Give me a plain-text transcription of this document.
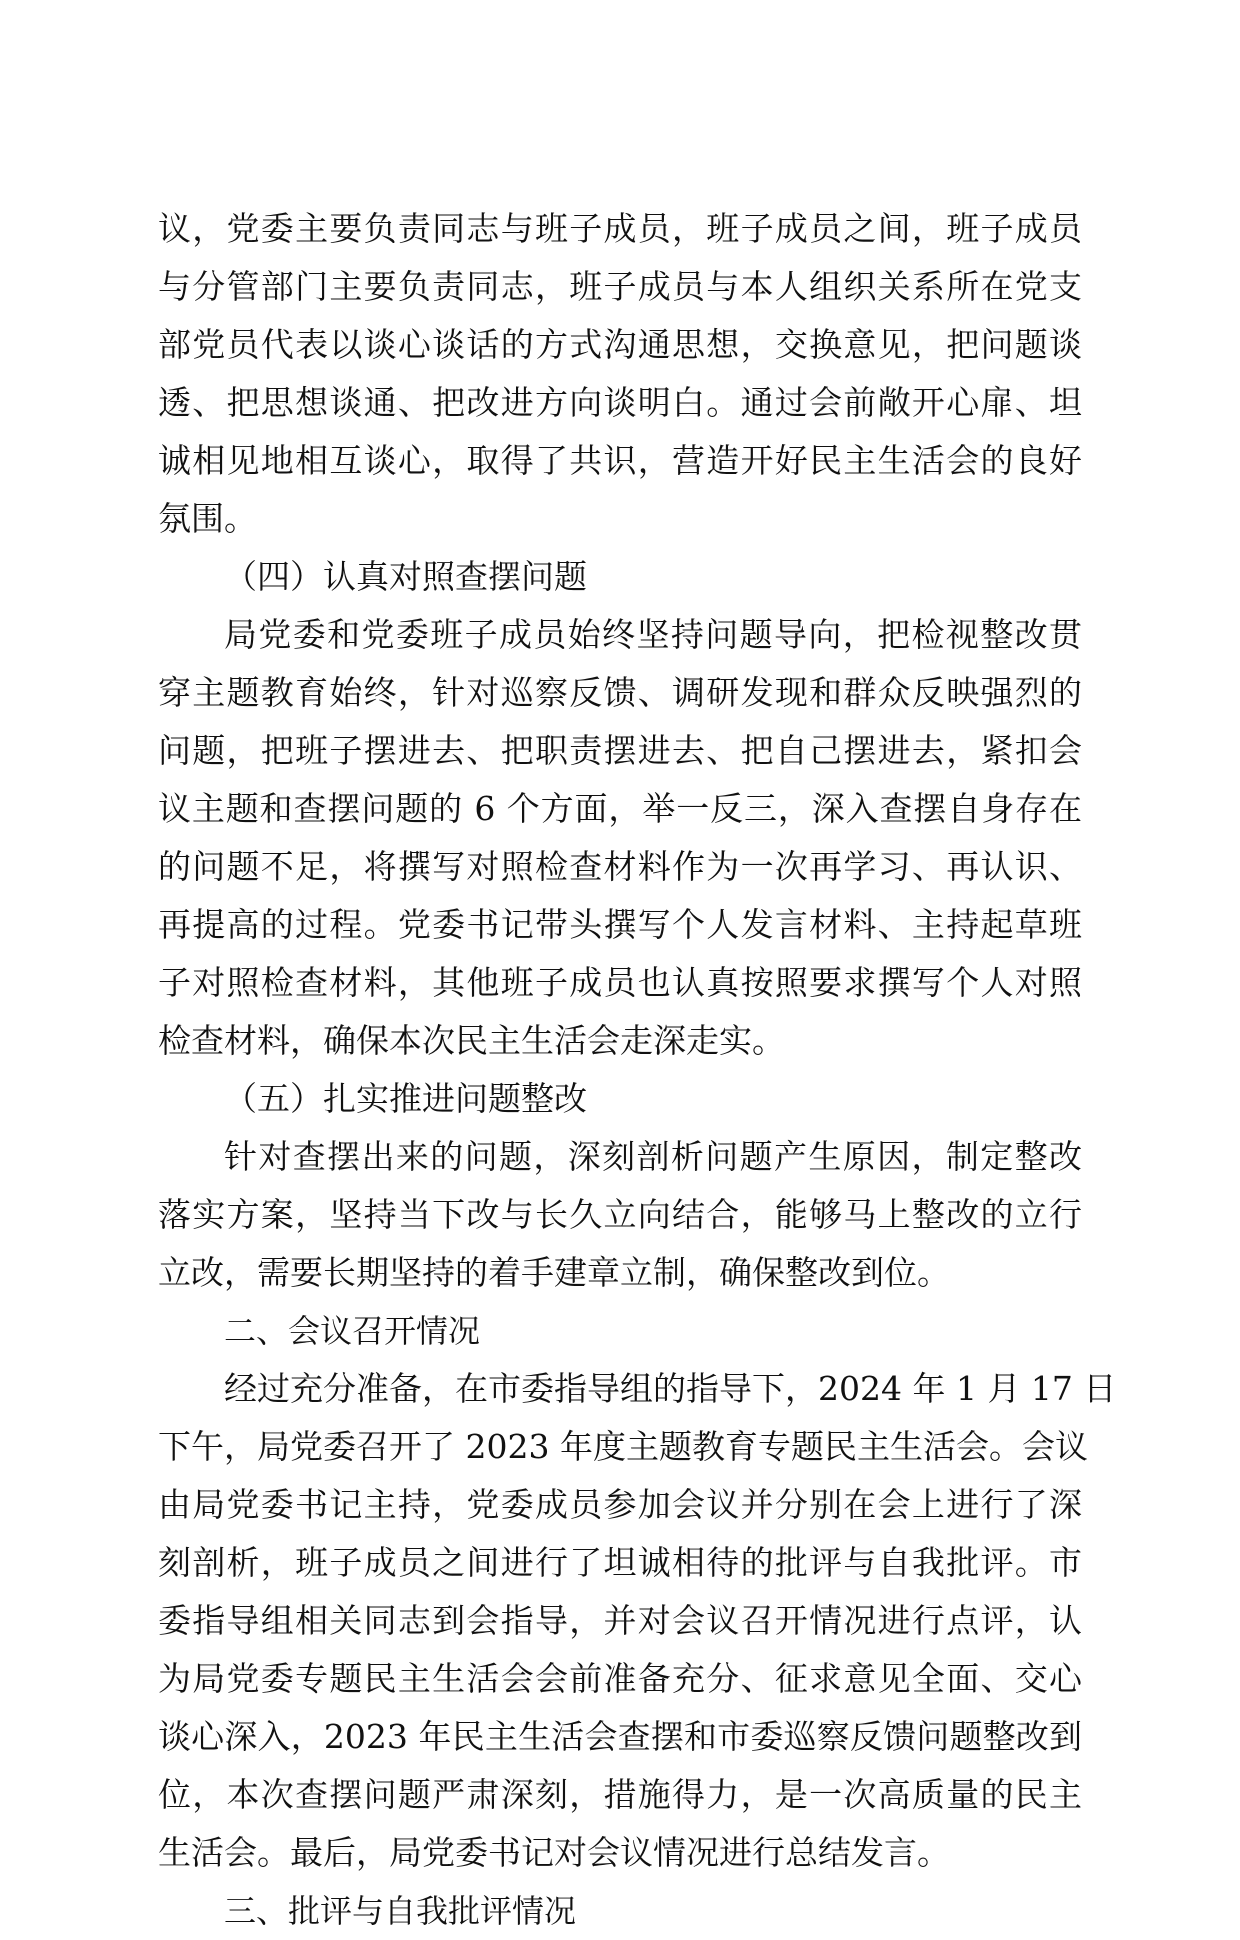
议，党委主要负责同志与班子成员，班子成员之间，班子成员
与分管部门主要负责同志，班子成员与本人组织关系所在党支
部党员代表以谈心谈话的方式沟通思想，交换意见，把问题谈
透、把思想谈通、把改进方向谈明白。通过会前敞开心扉、坦
诚相见地相互谈心，取得了共识，营造开好民主生活会的良好
氛围。
（四）认真对照查摆问题
局党委和党委班子成员始终坚持问题导向，把检视整改贯
穿主题教育始终，针对巡察反馈、调研发现和群众反映强烈的
问题，把班子摆进去、把职责摆进去、把自己摆进去，紧扣会
议主题和查摆问题的 6 个方面，举一反三，深入查摆自身存在
的问题不足，将撰写对照检查材料作为一次再学习、再认识、
再提高的过程。党委书记带头撰写个人发言材料、主持起草班
子对照检查材料，其他班子成员也认真按照要求撰写个人对照
检查材料，确保本次民主生活会走深走实。
（五）扎实推进问题整改
针对查摆出来的问题，深刻剖析问题产生原因，制定整改
落实方案，坚持当下改与长久立向结合，能够马上整改的立行
立改，需要长期坚持的着手建章立制，确保整改到位。
二、会议召开情况
经过充分准备，在市委指导组的指导下，2024 年 1 月 17 日
下午，局党委召开了 2023 年度主题教育专题民主生活会。会议
由局党委书记主持，党委成员参加会议并分别在会上进行了深
刻剖析，班子成员之间进行了坦诚相待的批评与自我批评。市
委指导组相关同志到会指导，并对会议召开情况进行点评，认
为局党委专题民主生活会会前准备充分、征求意见全面、交心
谈心深入，2023 年民主生活会查摆和市委巡察反馈问题整改到
位，本次查摆问题严肃深刻，措施得力，是一次高质量的民主
生活会。最后，局党委书记对会议情况进行总结发言。
三、批评与自我批评情况
